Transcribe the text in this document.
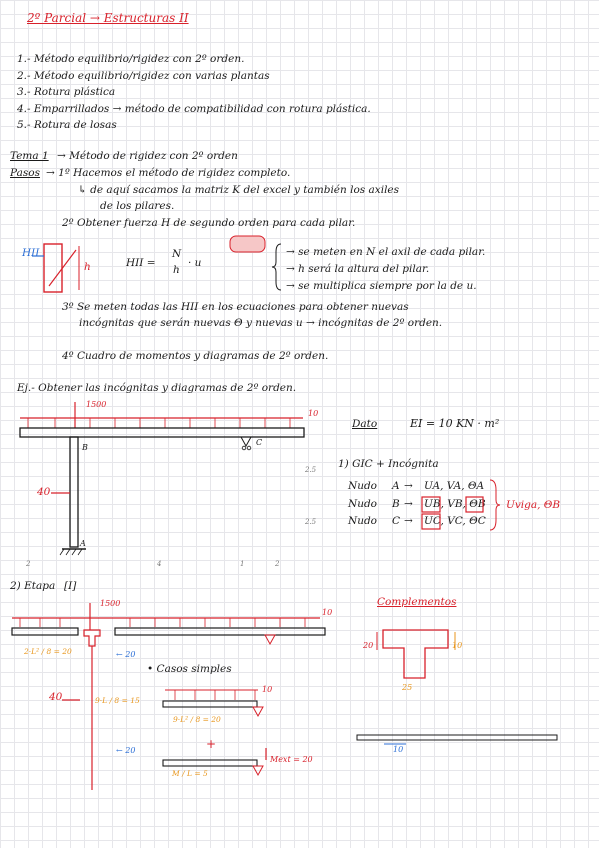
2º Parcial → Estructuras II
1.- Método equilibrio/rigidez con 2º orden.
2.- Método equilibrio/rigidez con varias plantas
3.- Rotura plástica
4.- Emparrillados → método de compatibilidad con rotura plástica.
5.- Rotura de losas
Tema 1 → Método de rigidez con 2º orden
Pasos → 1º Hacemos el método de rigidez completo.
↳ de aquí sacamos la matriz K del excel y también los axiles
de los pilares.
2º Obtener fuerza H de segundo orden para cada pilar.
HII
h	HII =
N
h
· u
→ se meten en N el axil de cada pilar.
→ h será la altura del pilar.
→ se multiplica siempre por la de u.
3º Se meten todas las HII en los ecuaciones para obtener nuevas
incógnitas que serán nuevas Θ y nuevas u → incógnitas de 2º orden.
4º Cuadro de momentos y diagramas de 2º orden.
Ej.- Obtener las incógnitas y diagramas de 2º orden.
1500
10
B
C
A
40
2	4	1	2
2.5
2.5
Dato	EI = 10 KN · m²
1) GIC + Incógnita
Nudo A → UA, VA, ΘA
Nudo B → UB, VB, ΘB
Nudo C → UC, VC, ΘC
Uviga, ΘB
2) Etapa [I]
1500
10
2·L² / 8 = 20	← 20
40	9·L / 8 = 15
• Casos simples
10
9·L² / 8 = 20
+
← 20
Mext = 20
M / L = 5
Complementos
20	10
25
10
